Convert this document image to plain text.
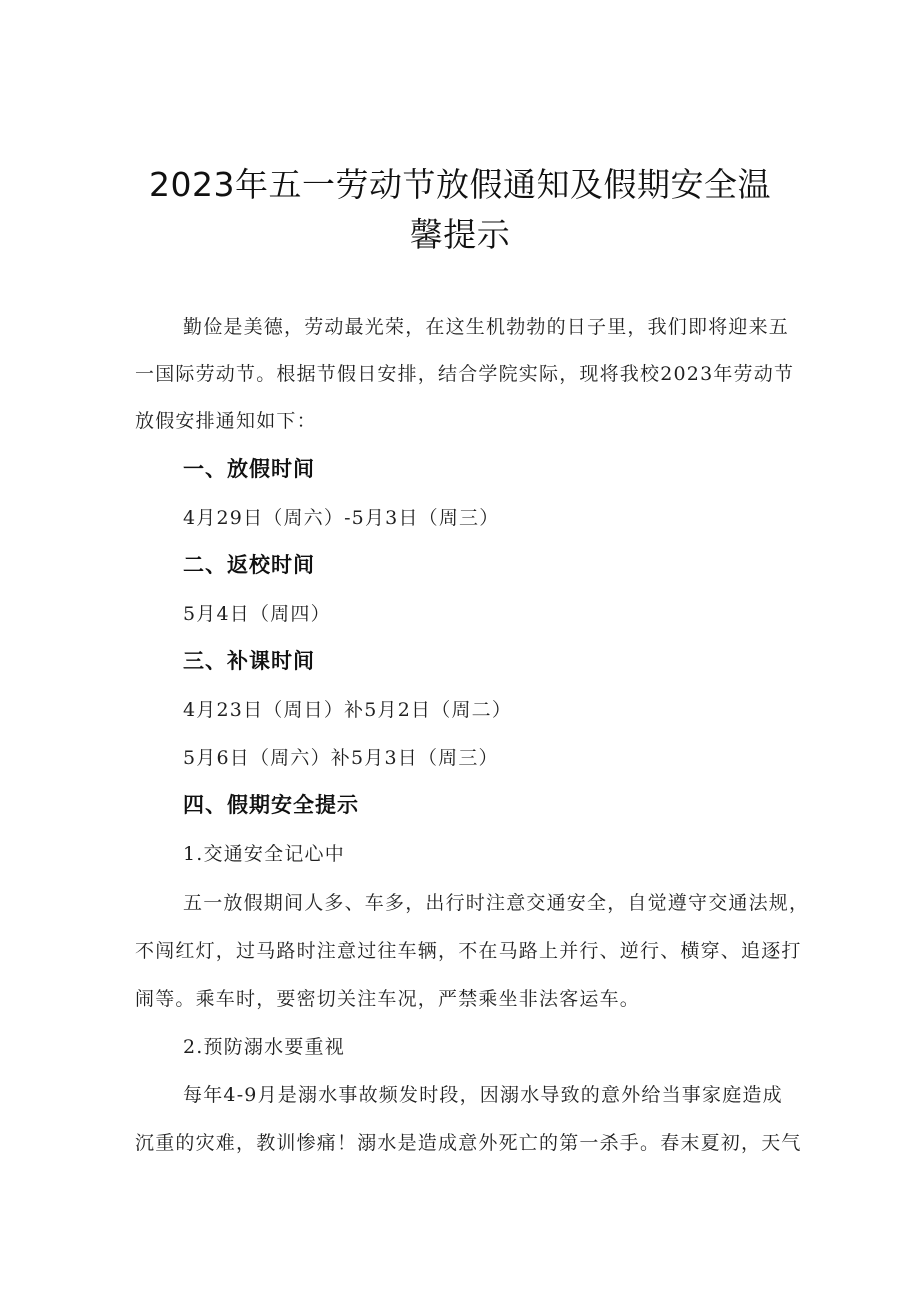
2023年五一劳动节放假通知及假期安全温
馨提示

勤俭是美德，劳动最光荣，在这生机勃勃的日子里，我们即将迎来五

一国际劳动节。根据节假日安排，结合学院实际，现将我校2023年劳动节

放假安排通知如下：

一、放假时间

4月29日（周六）-5月3日（周三）

二、返校时间

5月4日（周四）

三、补课时间

4月23日（周日）补5月2日（周二）

5月6日（周六）补5月3日（周三）

四、假期安全提示

1.交通安全记心中

五一放假期间人多、车多，出行时注意交通安全，自觉遵守交通法规，

不闯红灯，过马路时注意过往车辆，不在马路上并行、逆行、横穿、追逐打

闹等。乘车时，要密切关注车况，严禁乘坐非法客运车。

2.预防溺水要重视

每年4-9月是溺水事故频发时段，因溺水导致的意外给当事家庭造成

沉重的灾难，教训惨痛！溺水是造成意外死亡的第一杀手。春末夏初，天气
